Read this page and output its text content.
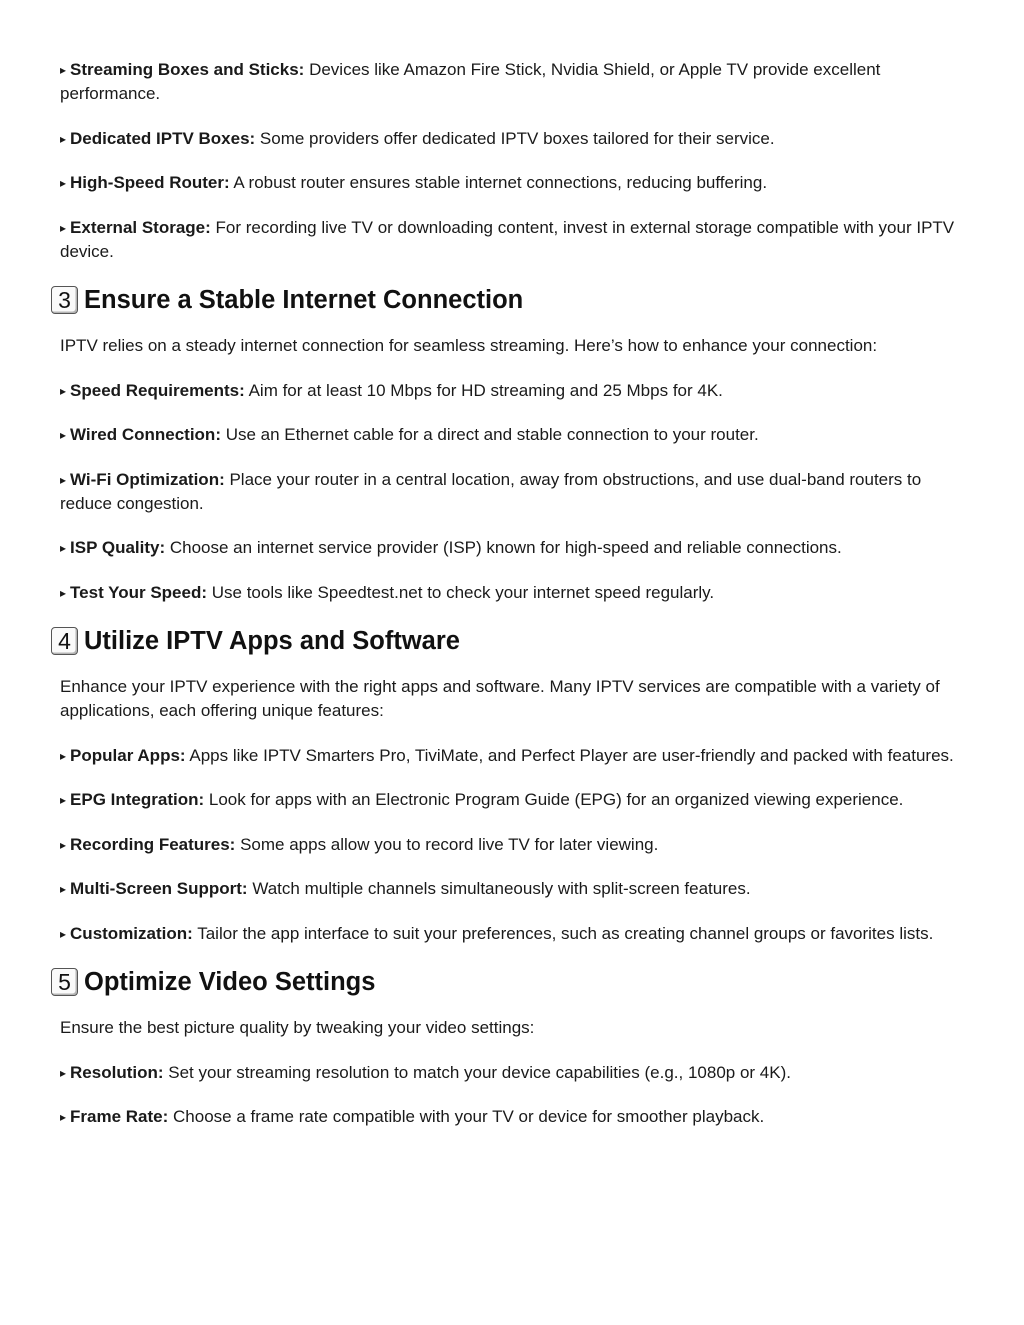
▸ Streaming Boxes and Sticks: Devices like Amazon Fire Stick, Nvidia Shield, or Apple TV provide excellent performance.

▸ Dedicated IPTV Boxes: Some providers offer dedicated IPTV boxes tailored for their service.

▸ High-Speed Router: A robust router ensures stable internet connections, reducing buffering.

▸ External Storage: For recording live TV or downloading content, invest in external storage compatible with your IPTV device.

3 Ensure a Stable Internet Connection

IPTV relies on a steady internet connection for seamless streaming. Here’s how to enhance your connection:

▸ Speed Requirements: Aim for at least 10 Mbps for HD streaming and 25 Mbps for 4K.

▸ Wired Connection: Use an Ethernet cable for a direct and stable connection to your router.

▸ Wi-Fi Optimization: Place your router in a central location, away from obstructions, and use dual-band routers to reduce congestion.

▸ ISP Quality: Choose an internet service provider (ISP) known for high-speed and reliable connections.

▸ Test Your Speed: Use tools like Speedtest.net to check your internet speed regularly.

4 Utilize IPTV Apps and Software

Enhance your IPTV experience with the right apps and software. Many IPTV services are compatible with a variety of applications, each offering unique features:

▸ Popular Apps: Apps like IPTV Smarters Pro, TiviMate, and Perfect Player are user-friendly and packed with features.

▸ EPG Integration: Look for apps with an Electronic Program Guide (EPG) for an organized viewing experience.

▸ Recording Features: Some apps allow you to record live TV for later viewing.

▸ Multi-Screen Support: Watch multiple channels simultaneously with split-screen features.

▸ Customization: Tailor the app interface to suit your preferences, such as creating channel groups or favorites lists.

5 Optimize Video Settings

Ensure the best picture quality by tweaking your video settings:

▸ Resolution: Set your streaming resolution to match your device capabilities (e.g., 1080p or 4K).

▸ Frame Rate: Choose a frame rate compatible with your TV or device for smoother playback.
